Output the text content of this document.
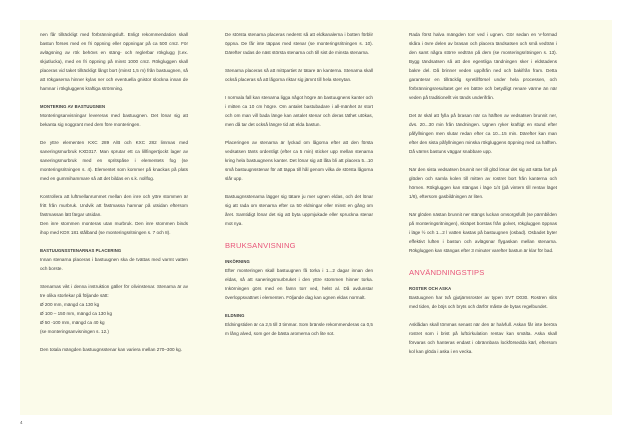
nen får tillräckligt med förbränningsluft. Enligt rekommendation skall bastun förses med en fri öppning eller öppningar på ca 500 cm2. För avlägsning av rök behövs en stäng- och reglerbar rökglugg (t.ex. skjutlucka), med en fri öppning på minst 1000 cm2. Rökgluggen skall placeras vid taket tillräckligt långt bort (minst 1,5 m) från bastuugnen, så att rökgaserna hinner kylas ner och eventuella gnistor slocknа innan de hamnar i rökgluggens kraftiga strömning.

MONTERING AV BASTUUGNEN

Monteringsanvisningar levereras med bastuugnen. Det lönar sig att bekanta sig noggrant med dem före monteringen.

De yttre elementen KXC 289 A/B och KXC 282 limmas med saneringsmurbruk KXD317. Man sprutar ett ca lillfingertjockt lager av saneringsmurbruk med en spritspåse i elementets fog (se monteringsritningen s. 4). Elementet som kommer på knackas på plats med en gummihammare så att det bildas en s.k. nollfog.

Kontrollera att luftmellanrummet mellan den inre och yttre stommen är fritt från murbruk. Undvik att fästmassa hamnar på utsidan eftersom fästmassan lätt färgar utsidan.

Den inre stommen monteras utan murbruk. Den inre stommen binds ihop med KDX 181 stålband (se monteringsritningen s. 7 och 8).

BASTUUGNSSTENARNAS PLACERING

Innan stenarna placeras i bastuugnen ska de tvättas med varmt vatten och borste.

Stenarnas vikt i denna instruktion gäller för olivinstenar. Stenarna är av tre olika storlekar på följande sätt:

Ø 200 mm, mängd ca 130 kg
Ø 100 – 150 mm, mängd ca 130 kg
Ø 50 -100 mm, mängd ca 40 kg
(se monteringsanvisningen s. 12.)

Den totala mängden bastuugnsstenar kan variera mellan 270–300 kg.

De största stenarna placeras nederst så att eldkanalerna i botten förblir öppna. De får inte täppas med stenar (se monteringsritningen s. 10). Därefter radas de näst största stenarna och till sist de minsta stenarna.

Stenarna placeras så att mittpartiet är tätare än kanterna. Stenarna skall också placeras så att lågorna riktar sig jämnt till hela stenytan.

I normala fall kan stenarna ligga något högre än bastuugnens kanter och i mitten ca 10 cm högre. Om antalet bastubadare i all-mänhet är stort och om man vill bada länge kan antalet stenar och deras täthet utökas, men då tar det också längre tid att elda bastun.

Placeringen av stenarna är lyckad om lågorna efter att den första vedsatsen tänts ordentligt (efter ca 5 min) sticker upp mellan stenarna kring hela bastuugnens kanter. Det lönar sig att låta bli att placera 5...10 små bastuugnsstenar för att täppa till hål genom vilka de största lågorna slår upp.

Bastuugnsstenarna lägger sig tätare ju mer ugnen eldas, och det lönar sig att rada om stenarna efter ca 50 eldningar eller minst en gång om året. Samtidigt lönar det sig att byta uppmjukade eller spruckna stenar mot nya.

BRUKSANVISNING
INKÖRNING

Efter monteringen skall bastuugnen få torka i 1...2 dagar innan den eldas, så att saneringsmurbruket i den yttre stommen hinner torka. Inkörningen görs med en famn torr ved, helst al. Då avdunstar överloppsvattnet i elementen. Följande dag kan ugnen eldas normalt.

ELDNING

Eldningstiden är ca 2,5 till 3 timmar. Som bränsle rekommenderas ca 0,5 m lång alved, som ger de bästa aromerna och lite sot.

Rada först halva mängden torr ved i ugnen. Gör sedan en V-formad skåra i övre delen av brasan och placera tändsatsen och små vedträn i den samt några större vedträn på dem (se monteringsritningen s. 13). Bygg tändsatsen så att den egentliga tändningen sker i eldstadens bakre del. Då brinner veden uppifrån ned och bakifrån fram. Detta garanterar en tillräcklig syretillförsel under hela processen, och förbränningsresultatet ger en bättre och betydligt renare värme än när veden på traditionellt vis tänds underifrån.

Det är skäl att fylla på brasan när ca hälften av vedsatsen brunnit ner, dvs. 20...30 min från tändningen. Ugnen ryker kraftigt en stund efter påfyllningen men slutar redan efter ca 10...15 min. Därefter kan man efter den sista påfyllningen minska rökgluggens öppning med ca hälften. Då värms bastuns väggar snabbare upp.

När den sista vedsatsen brunnit ner till glöd lönar det sig att sätta fart på glöden och samla kolen till mitten av rostret bort från kanterna och hörnen. Rökgluggen kan stängas i läge 1/4 (på vintern till rentav läget 1/8), eftersom gasbildningen är liten.

När glöden nästan brunnit ner stängs luckan omsorgsfullt (se pärmbilden på monteringsritningen), skräpet borstas från golvet, rökgluggen öppnas i läge ½ och 1...2 l vatten kastas på bastuugnen (osbad). Osbadet byter effektivt luften i bastun och avlägsnar flygaskan mellan stenarna. Rökgluggen kan stängas efter 3 minuter varefter bastun är klar för bad.

ANVÄNDNINGSTIPS
ROSTER OCH ASKA

Bastuugnen har två gjutjärnsroster av typen SVT D030. Rostren slits med tiden, de böjs och bryts och därför måste de bytas regelbundet.

Asklådan skall tömmas senast när den är halvfull. Askan får inte beröra rostret som i brist på luftcirkulation rentav kan smälta. Aska skall förvaras och hanteras endast i obrännbara lockförsedda kärl, eftersom kol kan glöda i aska i en vecka.

4
